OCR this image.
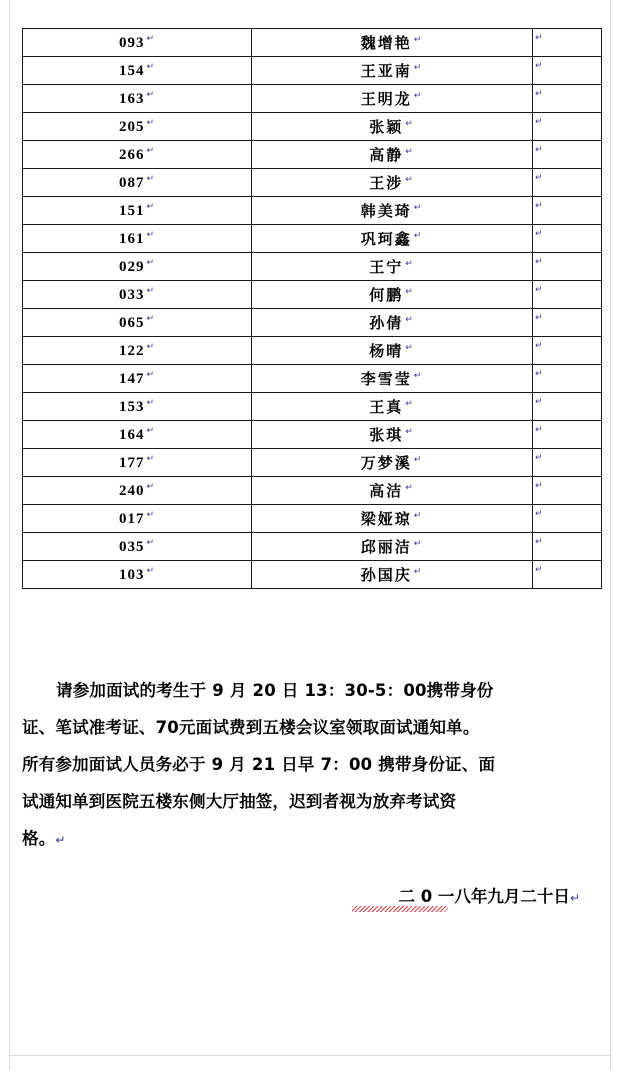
093 ↵	魏增艳 ↵	↵
154 ↵	王亚南 ↵	↵
163 ↵	王明龙 ↵	↵
205 ↵	张颖 ↵	↵
266 ↵	高静 ↵	↵
087 ↵	王涉 ↵	↵
151 ↵	韩美琦 ↵	↵
161 ↵	巩珂鑫 ↵	↵
029 ↵	王宁 ↵	↵
033 ↵	何鹏 ↵	↵
065 ↵	孙倩 ↵	↵
122 ↵	杨晴 ↵	↵
147 ↵	李雪莹 ↵	↵
153 ↵	王真 ↵	↵
164 ↵	张琪 ↵	↵
177 ↵	万梦溪 ↵	↵
240 ↵	高洁 ↵	↵
017 ↵	梁娅琼 ↵	↵
035 ↵	邱丽洁 ↵	↵
103 ↵	孙国庆 ↵	↵

请参加面试的考生于 9 月 20 日 13：30-5：00携带身份

证、笔试准考证、70元面试费到五楼会议室领取面试通知单。

所有参加面试人员务必于 9 月 21 日早 7：00 携带身份证、面

试通知单到医院五楼东侧大厅抽签，迟到者视为放弃考试资

格。↵

二 0 一八年九月二十日↵
